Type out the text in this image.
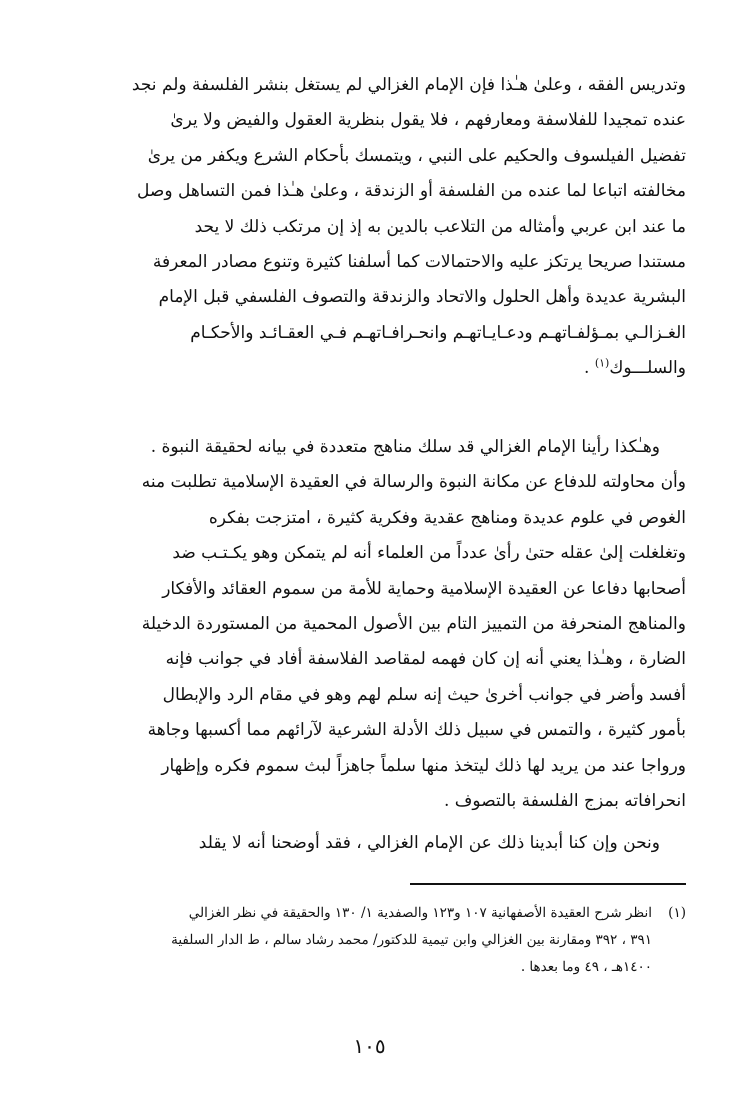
وتدريس الفقه ، وعلىٰ هـٰذا فإن الإمام الغزالي لم يستغل بنشر الفلسفة ولم نجد
عنده تمجيدا للفلاسفة ومعارفهم ، فلا يقول بنظرية العقول والفيض ولا يرىٰ
تفضيل الفيلسوف والحكيم على النبي ، ويتمسك بأحكام الشرع ويكفر من يرىٰ
مخالفته اتباعا لما عنده من الفلسفة أو الزندقة ، وعلىٰ هـٰذا فمن التساهل وصل
ما عند ابن عربي وأمثاله من التلاعب بالدين به إذ إن مرتكب ذلك لا يحد
مستندا صريحا يرتكز عليه والاحتمالات كما أسلفنا كثيرة وتنوع مصادر المعرفة
البشرية عديدة وأهل الحلول والاتحاد والزندقة والتصوف الفلسفي قبل الإمام
الغـزالـي بمـؤلفـاتهـم ودعـايـاتهـم وانحـرافـاتهـم فـي العقـائـد والأحكـام
والسلـــوك$^{(١)}$ .
وهـٰكذا رأينا الإمام الغزالي قد سلك مناهج متعددة في بيانه لحقيقة النبوة .
وأن محاولته للدفاع عن مكانة النبوة والرسالة في العقيدة الإسلامية تطلبت منه
الغوص في علوم عديدة ومناهج عقدية وفكرية كثيرة ، امتزجت بفكره
وتغلغلت إلىٰ عقله حتىٰ رأىٰ عدداً من العلماء أنه لم يتمكن وهو يكـتـب ضد
أصحابها دفاعا عن العقيدة الإسلامية وحماية للأمة من سموم العقائد والأفكار
والمناهج المنحرفة من التمييز التام بين الأصول المحمية من المستوردة الدخيلة
الضارة ، وهـٰذا يعني أنه إن كان فهمه لمقاصد الفلاسفة أفاد في جوانب فإنه
أفسد وأضر في جوانب أخرىٰ حيث إنه سلم لهم وهو في مقام الرد والإبطال
بأمور كثيرة ، والتمس في سبيل ذلك الأدلة الشرعية لآرائهم مما أكسبها وجاهة
ورواجا عند من يريد لها ذلك ليتخذ منها سلماً جاهزاً لبث سموم فكره وإظهار
انحرافاته بمزج الفلسفة بالتصوف .
ونحن وإن كنا أبدينا ذلك عن الإمام الغزالي ، فقد أوضحنا أنه لا يقلد
(١)
انظر شرح العقيدة الأصفهانية ١٠٧ و١٢٣ والصفدية ١/ ١٣٠ والحقيقة في نظر الغزالي
٣٩١ ، ٣٩٢ ومقارنة بين الغزالي وابن تيمية للدكتور/ محمد رشاد سالم ، ط الدار السلفية
١٤٠٠هـ ، ٤٩ وما بعدها .
١٠٥
